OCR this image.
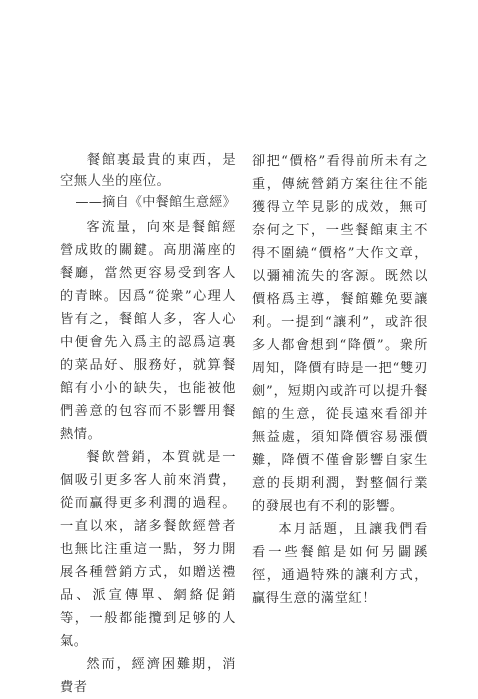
餐館裏最貴的東西，是空無人坐的座位。
——摘自《中餐館生意經》

客流量，向來是餐館經營成敗的關鍵。高朋滿座的餐廳，當然更容易受到客人的青睞。因爲“從衆”心理人皆有之，餐館人多，客人心中便會先入爲主的認爲這裏的菜品好、服務好，就算餐館有小小的缺失，也能被他們善意的包容而不影響用餐熱情。

餐飲營銷，本質就是一個吸引更多客人前來消費，從而贏得更多利潤的過程。一直以來，諸多餐飲經營者也無比注重這一點，努力開展各種營銷方式，如贈送禮品、派宣傳單、網絡促銷等，一般都能攬到足够的人氣。

然而，經濟困難期，消費者

卻把“價格”看得前所未有之重，傳統營銷方案往往不能獲得立竿見影的成效，無可奈何之下，一些餐館東主不得不圍繞“價格”大作文章，以彌補流失的客源。既然以價格爲主導，餐館難免要讓利。一提到“讓利”，或許很多人都會想到“降價”。衆所周知，降價有時是一把“雙刃劍”，短期內或許可以提升餐館的生意，從長遠來看卻并無益處，須知降價容易漲價難，降價不僅會影響自家生意的長期利潤，對整個行業的發展也有不利的影響。

本月話題，且讓我們看看一些餐館是如何另闢蹊徑，通過特殊的讓利方式，贏得生意的滿堂紅！
